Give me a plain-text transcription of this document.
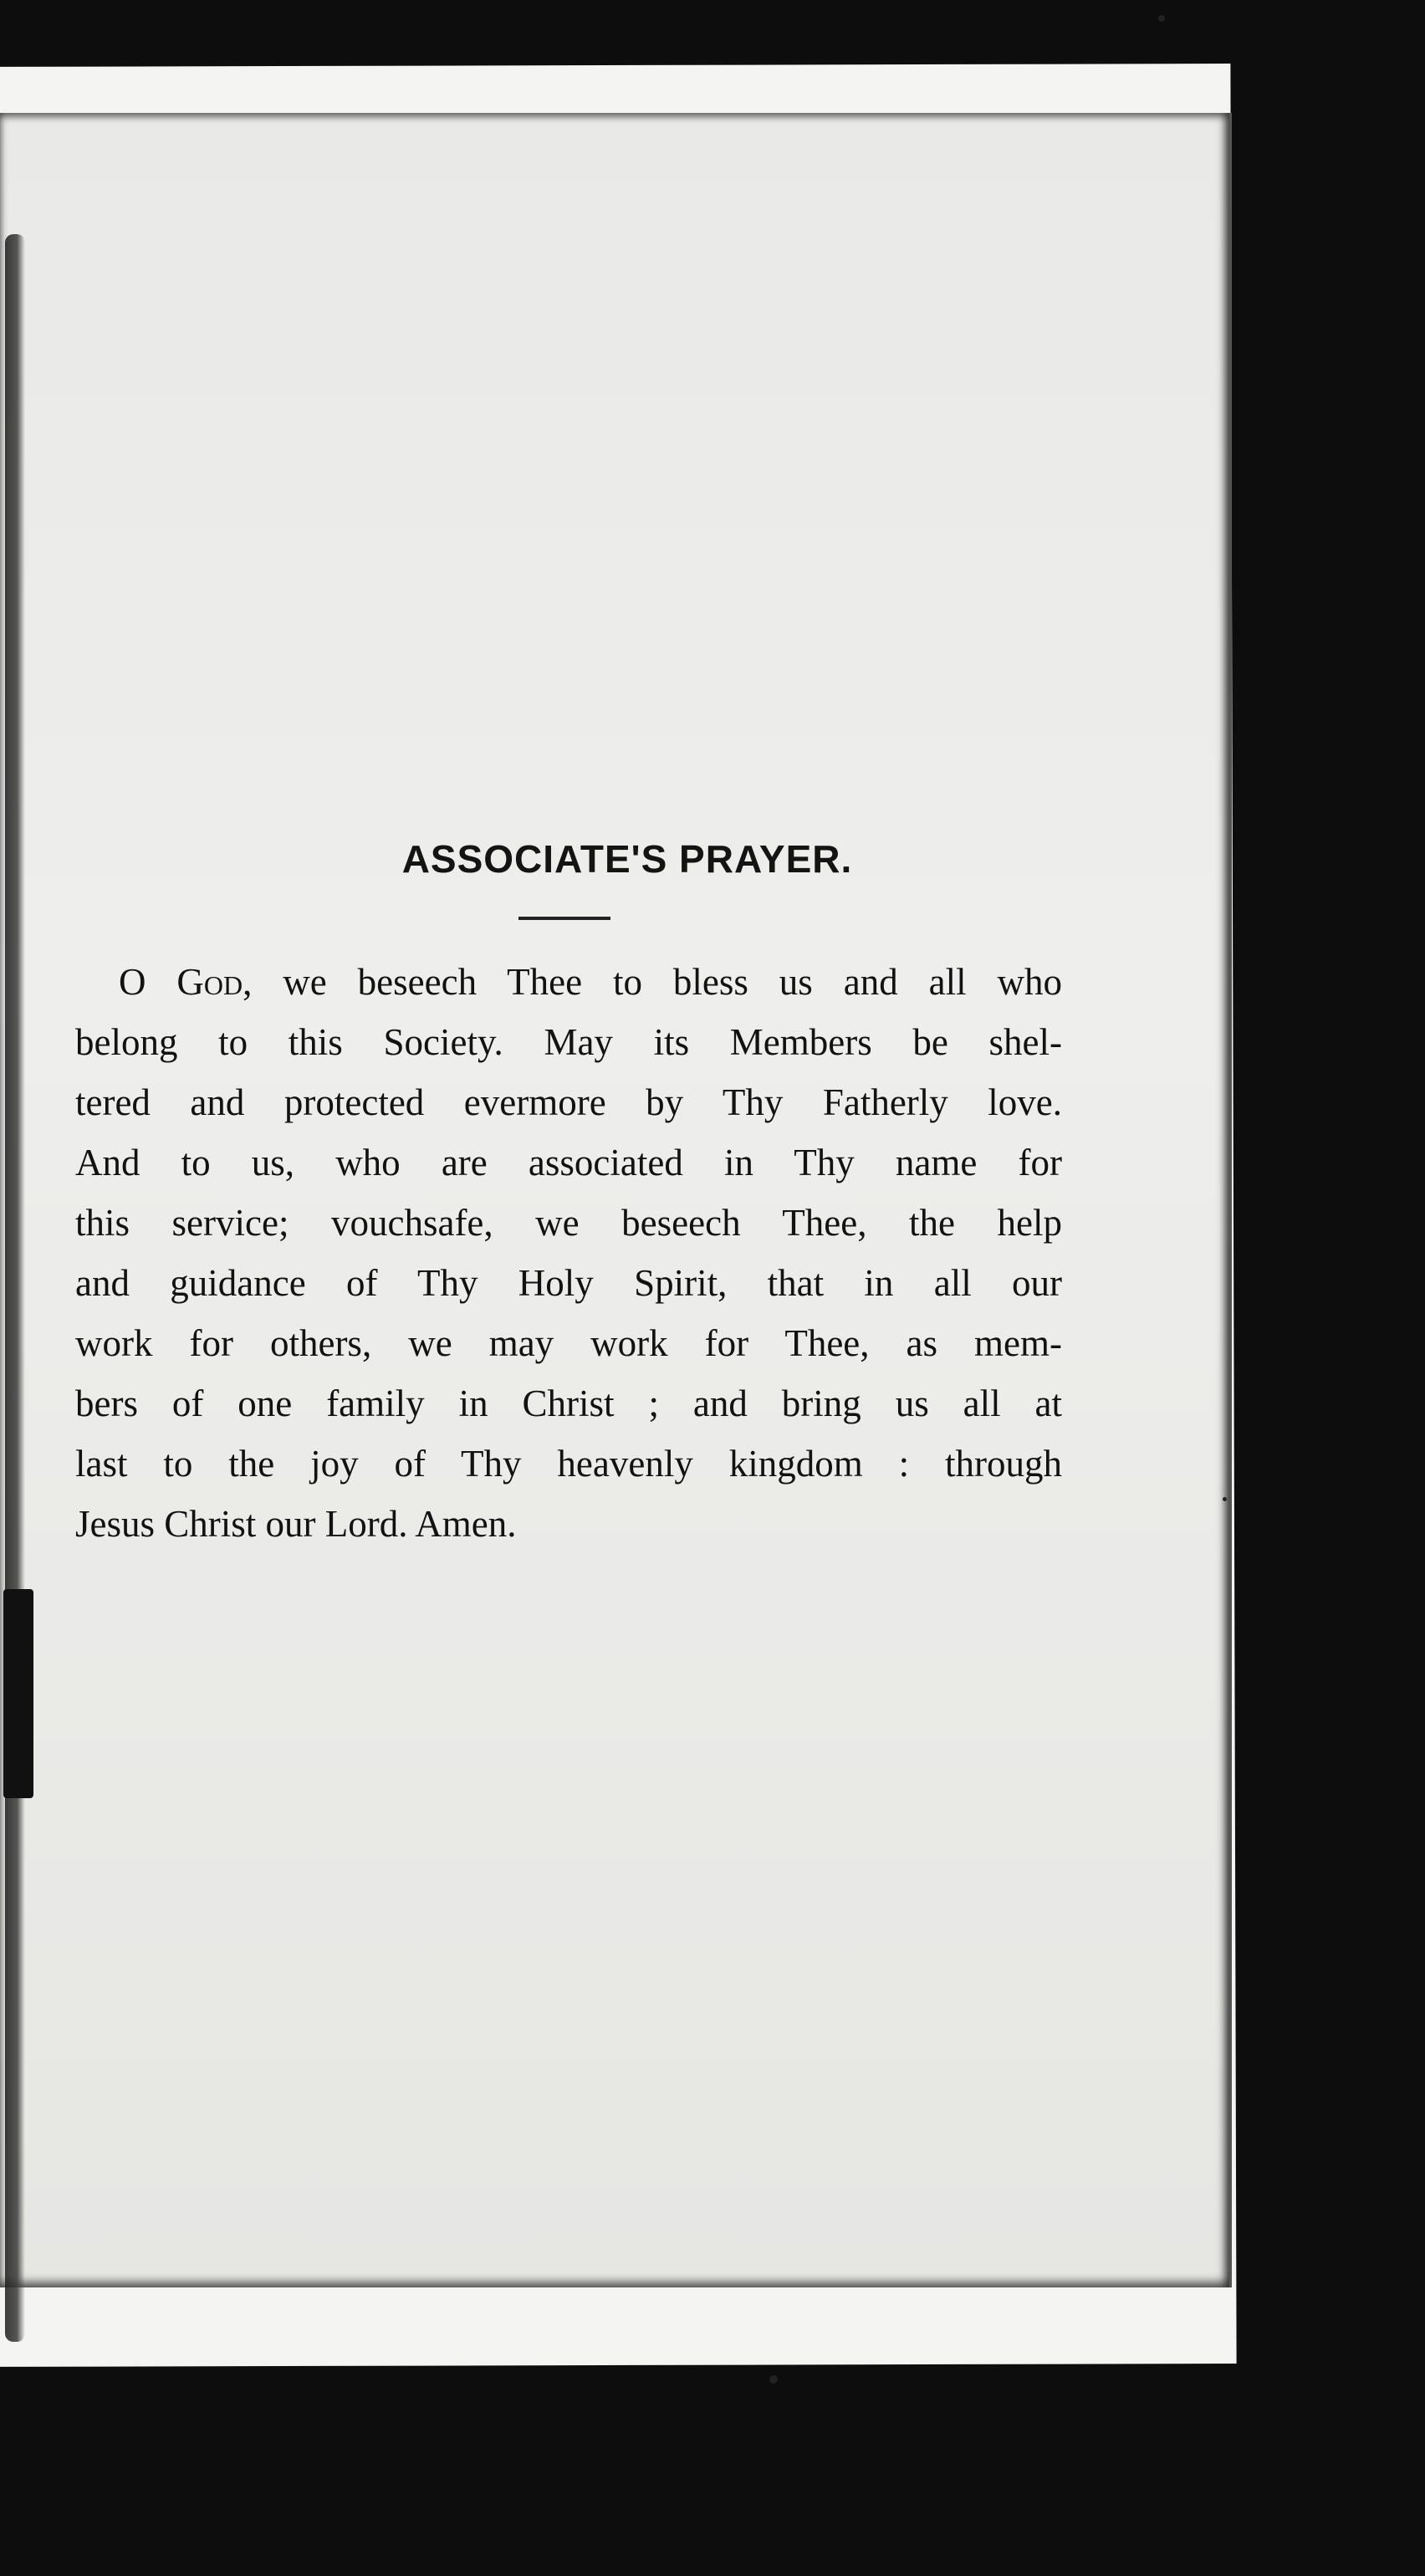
ASSOCIATE'S PRAYER.
O God, we beseech Thee to bless us and all who
belong to this Society. May its Members be shel-
tered and protected evermore by Thy Fatherly love.
And to us, who are associated in Thy name for
this service; vouchsafe, we beseech Thee, the help
and guidance of Thy Holy Spirit, that in all our
work for others, we may work for Thee, as mem-
bers of one family in Christ ; and bring us all at
last to the joy of Thy heavenly kingdom : through
Jesus Christ our Lord. Amen.
